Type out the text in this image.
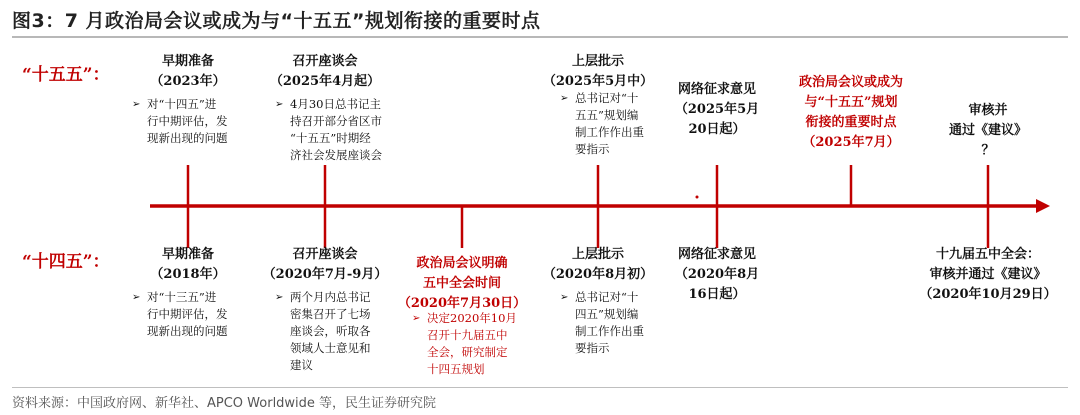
图3：7 月政治局会议或成为与“十五五”规划衔接的重要时点
“十五五”：
“十四五”：
早期准备
（2023年）
➢ 对“十四五”进
行中期评估，发
现新出现的问题
召开座谈会
（2025年4月起）
➢ 4月30日总书记主
持召开部分省区市
“十五五”时期经
济社会发展座谈会
上层批示
（2025年5月中）
➢ 总书记对“十
五五”规划编
制工作作出重
要指示
网络征求意见
（2025年5月
20日起）
政治局会议或成为
与“十五五”规划
衔接的重要时点
（2025年7月）
审核并
通过《建议》
？
早期准备
（2018年）
➢ 对“十三五”进
行中期评估，发
现新出现的问题
召开座谈会
（2020年7月-9月）
➢ 两个月内总书记
密集召开了七场
座谈会，听取各
领域人士意见和
建议
政治局会议明确
五中全会时间
（2020年7月30日）
➢ 决定2020年10月
召开十九届五中
全会，研究制定
十四五规划
上层批示
（2020年8月初）
➢ 总书记对“十
四五”规划编
制工作作出重
要指示
网络征求意见
（2020年8月
16日起）
十九届五中全会：
审核并通过《建议》
（2020年10月29日）
资料来源：中国政府网、新华社、APCO Worldwide 等，民生证券研究院
